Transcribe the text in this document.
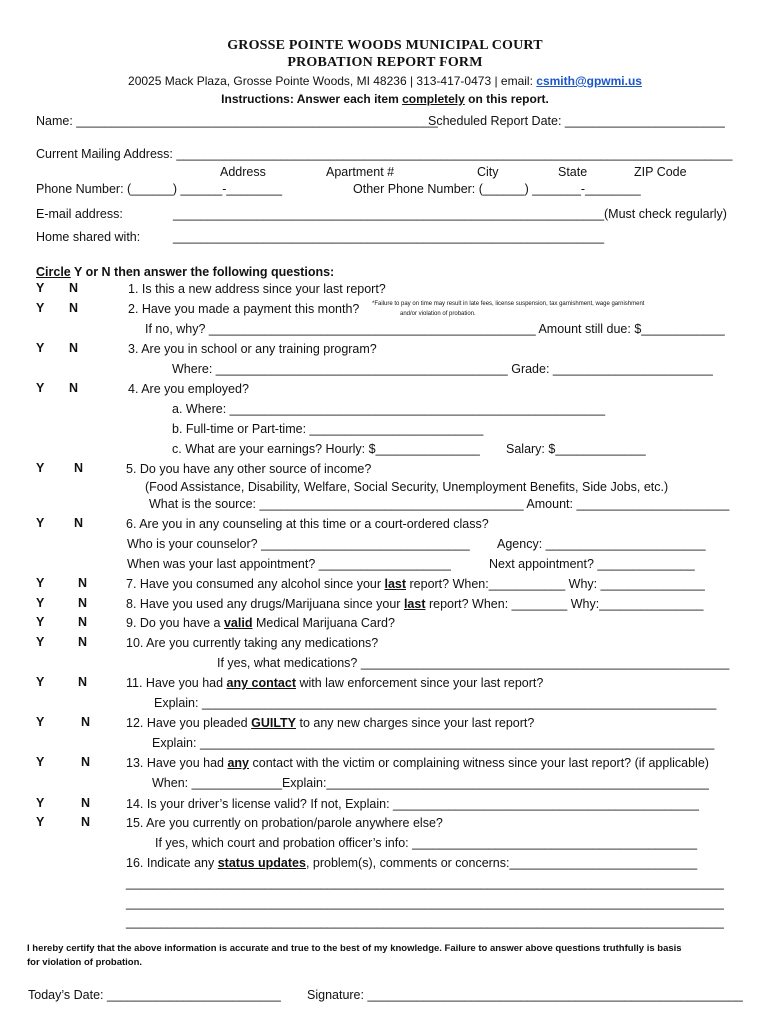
GROSSE POINTE WOODS MUNICIPAL COURT
PROBATION REPORT FORM
20025 Mack Plaza, Grosse Pointe Woods, MI 48236 | 313-417-0473 | email: csmith@gpwmi.us
Instructions: Answer each item completely on this report.
Name: ____________________________________________________
Scheduled Report Date: _______________________
Current Mailing Address: ________________________________________________________________________________
Address	Apartment #	City	State	ZIP Code
Phone Number: (______) ______-________	Other Phone Number: (______) _______-________
E-mail address:	______________________________________________________________(Must check regularly)
Home shared with:	______________________________________________________________
Circle Y or N then answer the following questions:
Y N	1. Is this a new address since your last report?
Y N	2. Have you made a payment this month? *Failure to pay on time may result in late fees, license suspension, tax garnishment, wage garnishment
and/or violation of probation.
If no, why? _______________________________________________ Amount still due: $____________
Y N	3. Are you in school or any training program?
Where: __________________________________________ Grade: _______________________
Y N	4. Are you employed?
a. Where: ______________________________________________________
b. Full-time or Part-time: _________________________
c. What are your earnings? Hourly: $_______________ Salary: $_____________
Y N	5. Do you have any other source of income?
(Food Assistance, Disability, Welfare, Social Security, Unemployment Benefits, Side Jobs, etc.)
What is the source: ______________________________________ Amount: ______________________
Y N	6. Are you in any counseling at this time or a court-ordered class?
Who is your counselor? ______________________________ Agency: _______________________
When was your last appointment? ___________________	Next appointment? ______________
Y	N	7. Have you consumed any alcohol since your last report? When:___________ Why: _______________
Y	N	8. Have you used any drugs/Marijuana since your last report? When: ________ Why:_______________
Y	N	9. Do you have a valid Medical Marijuana Card?
Y	N	10. Are you currently taking any medications?
If yes, what medications? _____________________________________________________
Y	N	11. Have you had any contact with law enforcement since your last report?
Explain: __________________________________________________________________________
Y	N	12. Have you pleaded GUILTY to any new charges since your last report?
Explain: __________________________________________________________________________
Y	N	13. Have you had any contact with the victim or complaining witness since your last report? (if applicable)
When: _____________Explain:_______________________________________________________
Y	N	14. Is your driver’s license valid? If not, Explain: ____________________________________________
Y	N	15. Are you currently on probation/parole anywhere else?
If yes, which court and probation officer’s info: _________________________________________
16. Indicate any status updates, problem(s), comments or concerns:___________________________
______________________________________________________________________________________
______________________________________________________________________________________
______________________________________________________________________________________
I hereby certify that the above information is accurate and true to the best of my knowledge. Failure to answer above questions truthfully is basis
for violation of probation.
Today’s Date: _________________________ Signature: ______________________________________________________
